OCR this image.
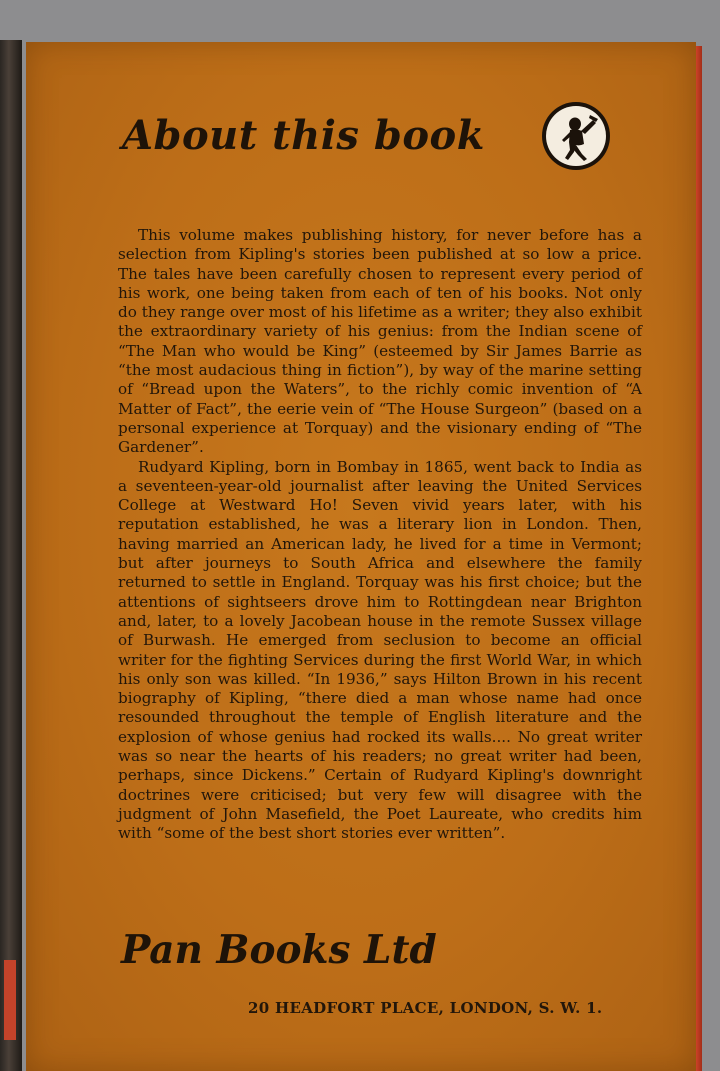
About this book

This volume makes publishing history, for never before has a selection from Kipling's stories been published at so low a price. The tales have been carefully chosen to represent every period of his work, one being taken from each of ten of his books. Not only do they range over most of his lifetime as a writer; they also exhibit the extraordinary variety of his genius: from the Indian scene of “The Man who would be King” (esteemed by Sir James Barrie as “the most audacious thing in fiction”), by way of the marine setting of “Bread upon the Waters”, to the richly comic invention of “A Matter of Fact”, the eerie vein of “The House Surgeon” (based on a personal experience at Torquay) and the visionary ending of “The Gardener”.

Rudyard Kipling, born in Bombay in 1865, went back to India as a seventeen-year-old journalist after leaving the United Services College at Westward Ho! Seven vivid years later, with his reputation established, he was a literary lion in London. Then, having married an American lady, he lived for a time in Vermont; but after journeys to South Africa and elsewhere the family returned to settle in England. Torquay was his first choice; but the attentions of sightseers drove him to Rottingdean near Brighton and, later, to a lovely Jacobean house in the remote Sussex village of Burwash. He emerged from seclusion to become an official writer for the fighting Services during the first World War, in which his only son was killed. “In 1936,” says Hilton Brown in his recent biography of Kipling, “there died a man whose name had once resounded throughout the temple of English literature and the explosion of whose genius had rocked its walls.... No great writer was so near the hearts of his readers; no great writer had been, perhaps, since Dickens.” Certain of Rudyard Kipling's downright doctrines were criticised; but very few will disagree with the judgment of John Masefield, the Poet Laureate, who credits him with “some of the best short stories ever written”.

Pan Books Ltd
20 HEADFORT PLACE, LONDON, S. W. 1.
